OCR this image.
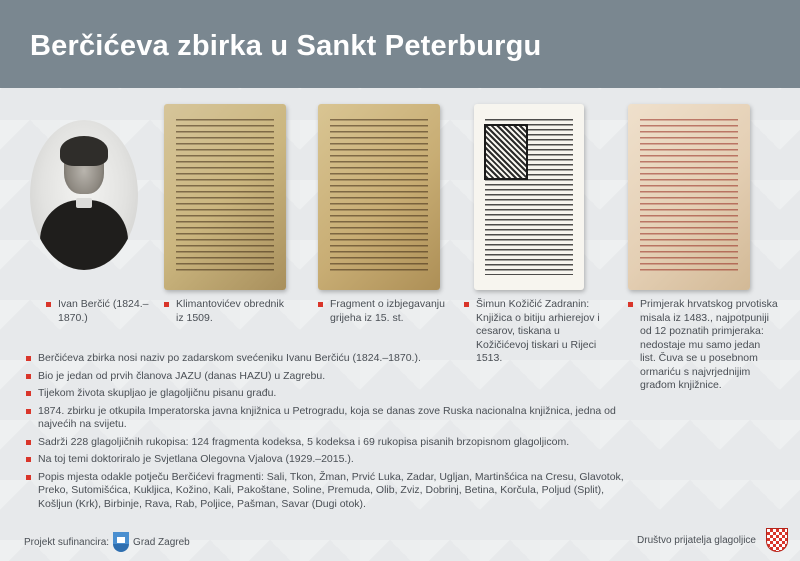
Berčićeva zbirka u Sankt Peterburgu
Ivan Berčić (1824.–1870.)
Klimantovićev obrednik iz 1509.
Fragment o izbjegavanju grijeha iz 15. st.
Šimun Kožičić Zadranin: Knjižica o bitiju arhierejov i cesarov, tiskana u Kožičićevoj tiskari u Rijeci 1513.
Primjerak hrvatskog prvotiska misala iz 1483., najpotpuniji od 12 poznatih primjeraka: nedostaje mu samo jedan list. Čuva se u posebnom ormariću s najvrjednijim građom knjižnice.
Berčićeva zbirka nosi naziv po zadarskom svećeniku Ivanu Berčiću (1824.–1870.).
Bio je jedan od prvih članova JAZU (danas HAZU) u Zagrebu.
Tijekom života skupljao je glagoljičnu pisanu građu.
1874. zbirku je otkupila Imperatorska javna knjižnica u Petrogradu, koja se danas zove Ruska nacionalna knjižnica, jedna od najvećih na svijetu.
Sadrži 228 glagoljičnih rukopisa: 124 fragmenta kodeksa, 5 kodeksa i 69 rukopisa pisanih brzopisnom glagoljicom.
Na toj temi doktoriralo je Svjetlana Olegovna Vjalova (1929.–2015.).
Popis mjesta odakle potječu Berčićevi fragmenti: Sali, Tkon, Žman, Prvić Luka, Zadar, Ugljan, Martinšćica na Cresu, Glavotok, Preko, Sutomišćica, Kukljica, Kožino, Kali, Pakoštane, Soline, Premuda, Olib, Zviz, Dobrinj, Betina, Korčula, Poljud (Split), Košljun (Krk), Birbinje, Rava, Rab, Poljice, Pašman, Savar (Dugi otok).
Projekt sufinancira: Grad Zagreb	Društvo prijatelja glagoljice
